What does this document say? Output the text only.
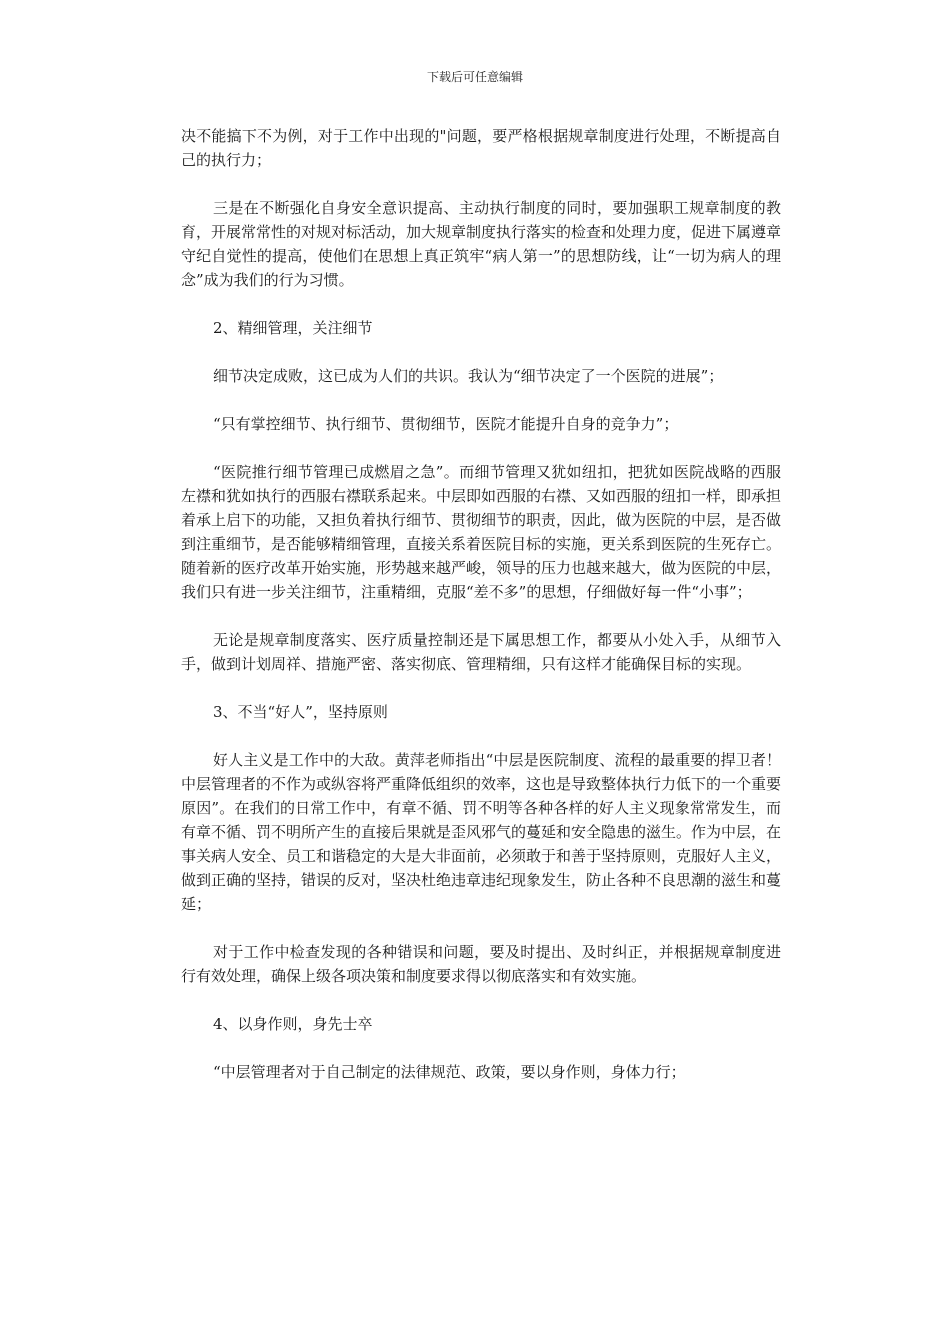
下载后可任意编辑

决不能搞下不为例，对于工作中出现的"问题，要严格根据规章制度进行处理，不断提高自己的执行力；

三是在不断强化自身安全意识提高、主动执行制度的同时，要加强职工规章制度的教育，开展常常性的对规对标活动，加大规章制度执行落实的检查和处理力度，促进下属遵章守纪自觉性的提高，使他们在思想上真正筑牢“病人第一”的思想防线，让“一切为病人的理念”成为我们的行为习惯。

2、精细管理，关注细节

细节决定成败，这已成为人们的共识。我认为“细节决定了一个医院的进展”；

“只有掌控细节、执行细节、贯彻细节，医院才能提升自身的竞争力”；

“医院推行细节管理已成燃眉之急”。而细节管理又犹如纽扣，把犹如医院战略的西服左襟和犹如执行的西服右襟联系起来。中层即如西服的右襟、又如西服的纽扣一样，即承担着承上启下的功能，又担负着执行细节、贯彻细节的职责，因此，做为医院的中层，是否做到注重细节，是否能够精细管理，直接关系着医院目标的实施，更关系到医院的生死存亡。随着新的医疗改革开始实施，形势越来越严峻，领导的压力也越来越大，做为医院的中层，我们只有进一步关注细节，注重精细，克服“差不多”的思想，仔细做好每一件“小事”；

无论是规章制度落实、医疗质量控制还是下属思想工作，都要从小处入手，从细节入手，做到计划周祥、措施严密、落实彻底、管理精细，只有这样才能确保目标的实现。

3、不当“好人”，坚持原则

好人主义是工作中的大敌。黄萍老师指出“中层是医院制度、流程的最重要的捍卫者！中层管理者的不作为或纵容将严重降低组织的效率，这也是导致整体执行力低下的一个重要原因”。在我们的日常工作中，有章不循、罚不明等各种各样的好人主义现象常常发生，而有章不循、罚不明所产生的直接后果就是歪风邪气的蔓延和安全隐患的滋生。作为中层，在事关病人安全、员工和谐稳定的大是大非面前，必须敢于和善于坚持原则，克服好人主义，做到正确的坚持，错误的反对，坚决杜绝违章违纪现象发生，防止各种不良思潮的滋生和蔓延；

对于工作中检查发现的各种错误和问题，要及时提出、及时纠正，并根据规章制度进行有效处理，确保上级各项决策和制度要求得以彻底落实和有效实施。

4、以身作则，身先士卒

“中层管理者对于自己制定的法律规范、政策，要以身作则，身体力行；
